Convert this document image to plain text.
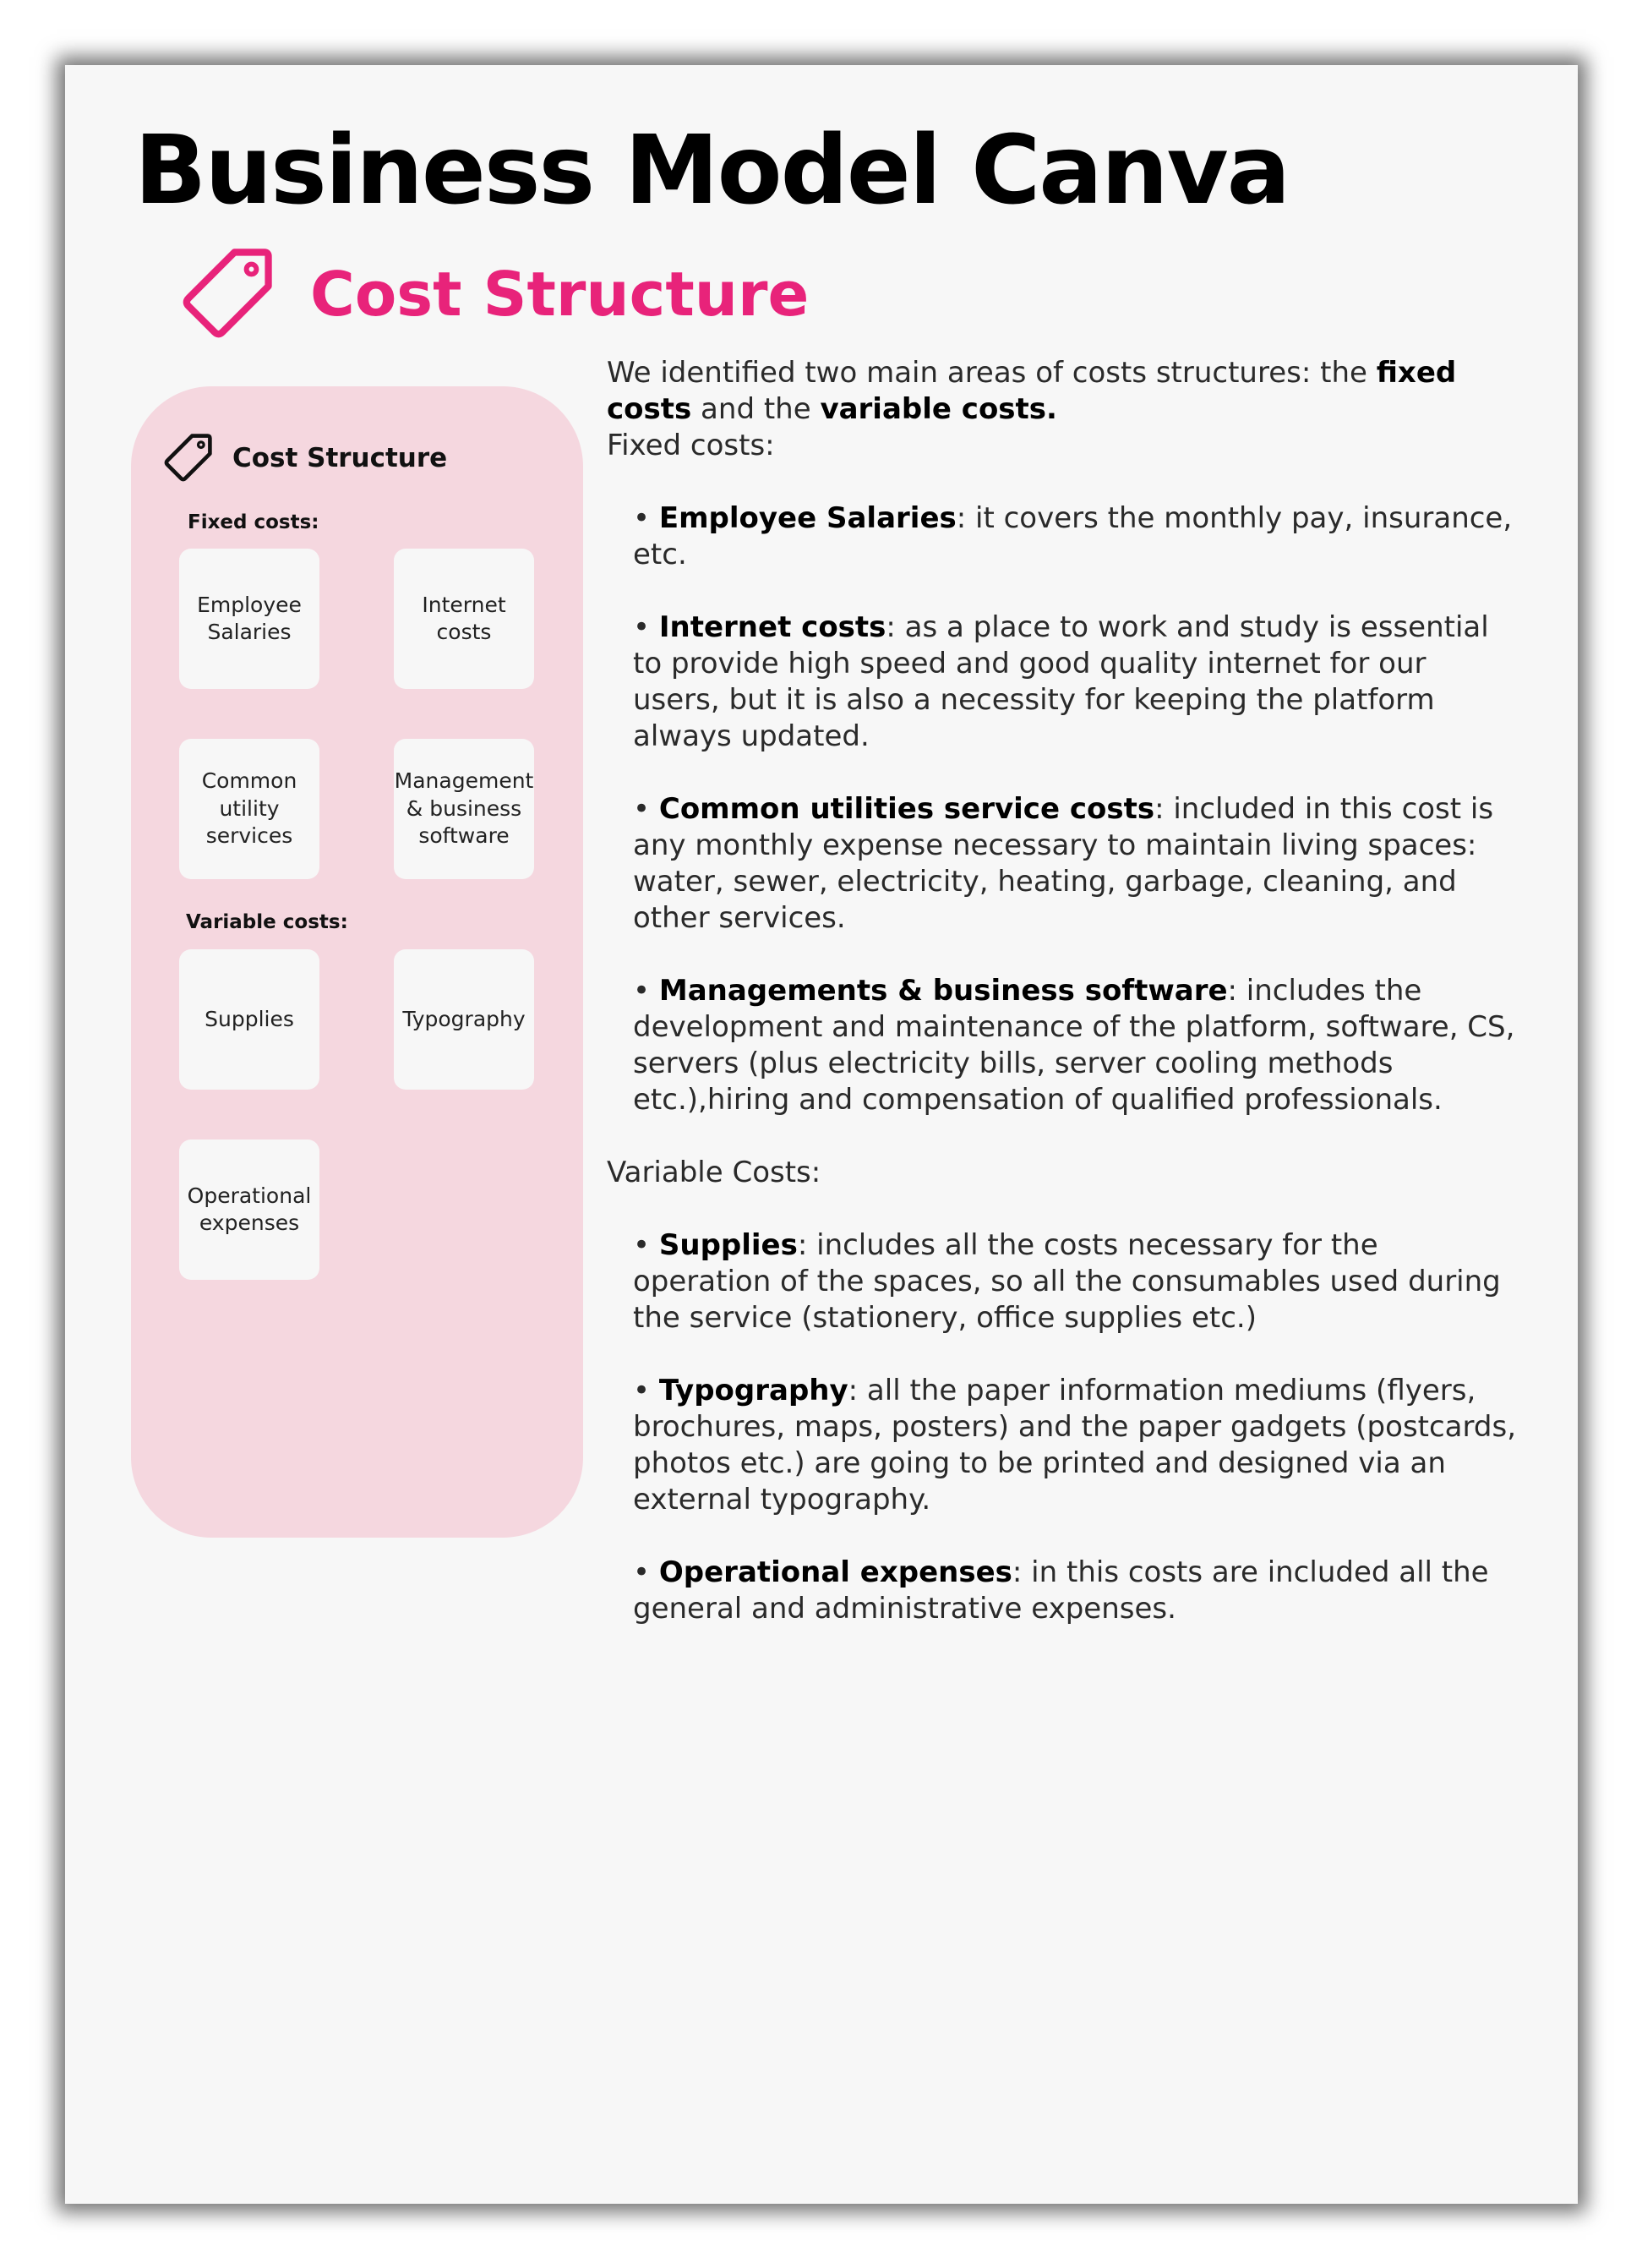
Business Model Canva
Cost Structure
Cost Structure
Fixed costs:
Employee Salaries
Internet costs
Common utility services
Management & business software
Variable costs:
Supplies	Typography
Operational expenses

We identified two main areas of costs structures: the fixed costs and the variable costs.

Fixed costs:

• Employee Salaries: it covers the monthly pay, insurance, etc.

• Internet costs: as a place to work and study is essential to provide high speed and good quality internet for our users, but it is also a necessity for keeping the platform always updated.

• Common utilities service costs: included in this cost is any monthly expense necessary to maintain living spaces: water, sewer, electricity, heating, garbage, cleaning, and other services.

• Managements & business software: includes the development and maintenance of the platform, software, CS, servers (plus electricity bills, server cooling methods etc.),hiring and compensation of qualified professionals.

Variable Costs:

• Supplies: includes all the costs necessary for the operation of the spaces, so all the consumables used during the service (stationery, office supplies etc.)

• Typography: all the paper information mediums (flyers, brochures, maps, posters) and the paper gadgets (postcards, photos etc.) are going to be printed and designed via an external typography.

• Operational expenses: in this costs are included all the general and administrative expenses.
